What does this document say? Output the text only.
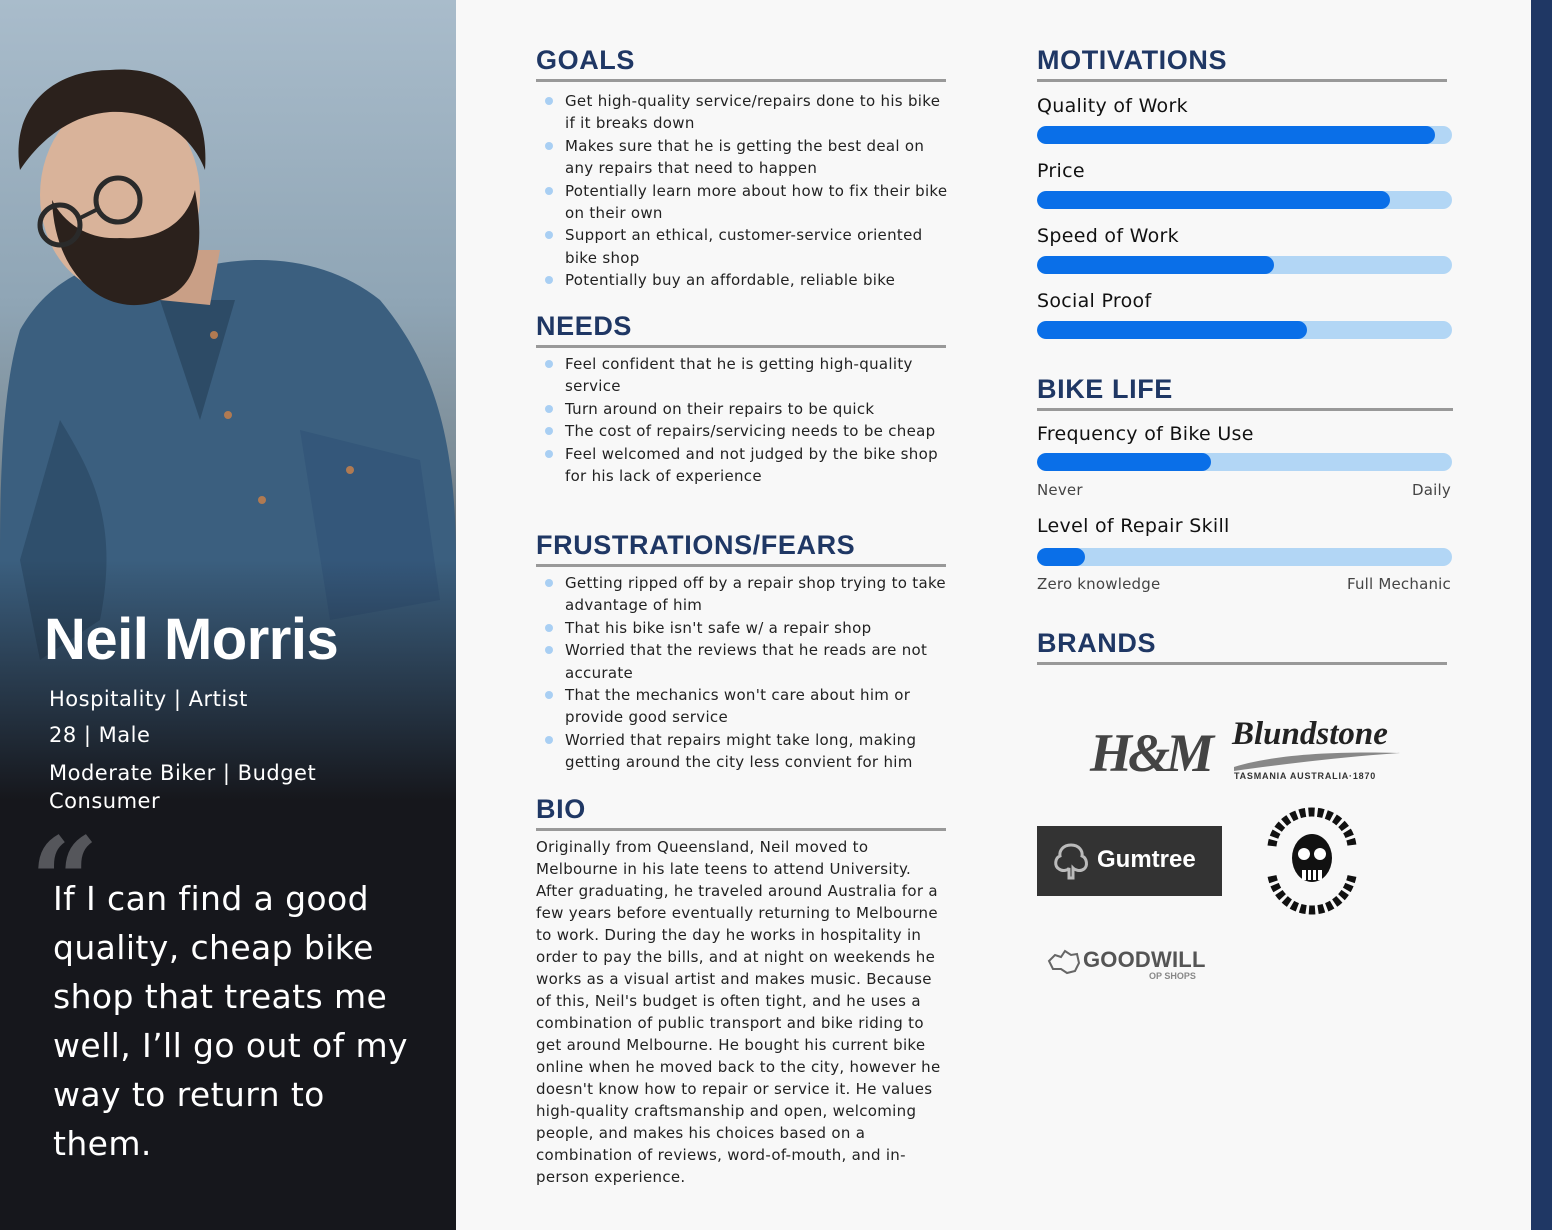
Neil Morris
Hospitality | Artist
28 | Male
Moderate Biker | Budget Consumer
“
If I can find a good quality, cheap bike shop that treats me well, I’ll go out of my way to return to them.
GOALS
Get high-quality service/repairs done to his bike if it breaks down
Makes sure that he is getting the best deal on any repairs that need to happen
Potentially learn more about how to fix their bike on their own
Support an ethical, customer-service oriented bike shop
Potentially buy an affordable, reliable bike
NEEDS
Feel confident that he is getting high-quality service
Turn around on their repairs to be quick
The cost of repairs/servicing needs to be cheap
Feel welcomed and not judged by the bike shop for his lack of experience
FRUSTRATIONS/FEARS
Getting ripped off by a repair shop trying to take advantage of him
That his bike isn't safe w/ a repair shop
Worried that the reviews that he reads are not accurate
That the mechanics won't care about him or provide good service
Worried that repairs might take long, making getting around the city less convient for him
BIO

Originally from Queensland, Neil moved to Melbourne in his late teens to attend University. After graduating, he traveled around Australia for a few years before eventually returning to Melbourne to work. During the day he works in hospitality in order to pay the bills, and at night on weekends he works as a visual artist and makes music. Because of this, Neil's budget is often tight, and he uses a combination of public transport and bike riding to get around Melbourne. He bought his current bike online when he moved back to the city, however he doesn't know how to repair or service it. He values high-quality craftsmanship and open, welcoming people, and makes his choices based on a combination of reviews, word-of-mouth, and in-person experience.

MOTIVATIONS
Quality of Work
Price
Speed of Work
Social Proof
BIKE LIFE
Frequency of Bike Use
Never	Daily
Level of Repair Skill
Zero knowledge	Full Mechanic
BRANDS
H&M Blundstone
TASMANIA AUSTRALIA·1870
Gumtree
GOODWILL
OP SHOPS
